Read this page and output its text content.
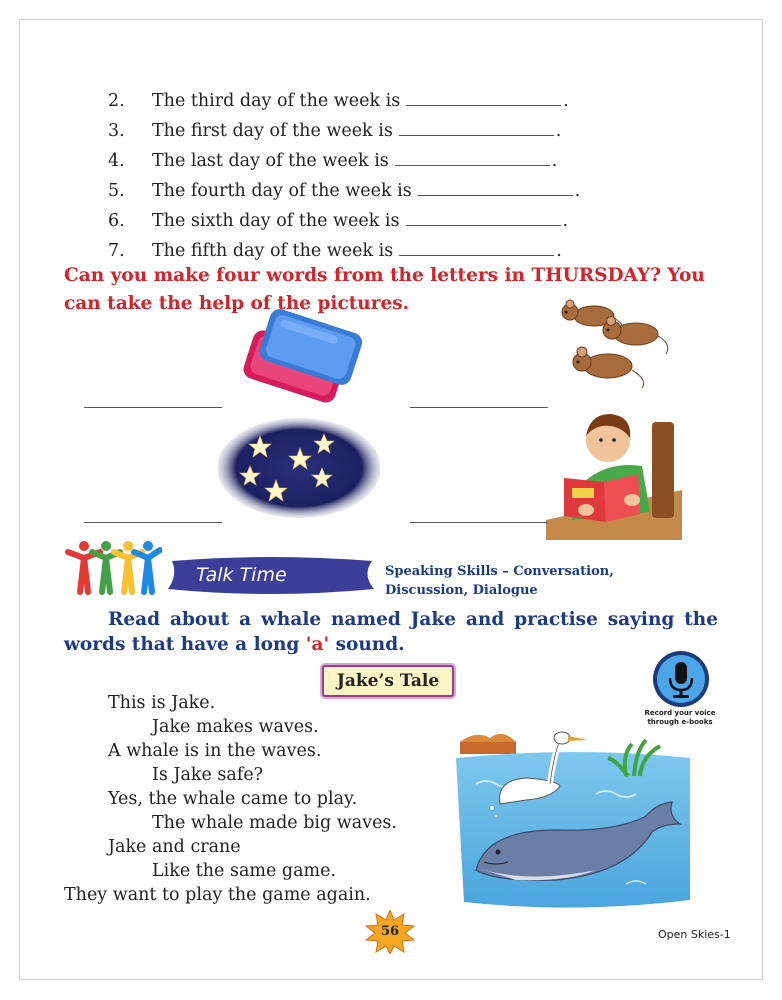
2. The third day of the week is	.
3. The first day of the week is	.
4. The last day of the week is	.
5. The fourth day of the week is	.
6. The sixth day of the week is	.
7. The fifth day of the week is	.
Can you make four words from the letters in THURSDAY? You can take the help of the pictures.
Talk Time	Speaking Skills – Conversation,
Discussion, Dialogue
Read about a whale named Jake and practise saying the
words that have a long 'a' sound.
Jake’s Tale
Record your voice
through e-books
This is Jake.
Jake makes waves.
A whale is in the waves.
Is Jake safe?
Yes, the whale came to play.
The whale made big waves.
Jake and crane
Like the same game.
They want to play the game again.
56	Open Skies-1
